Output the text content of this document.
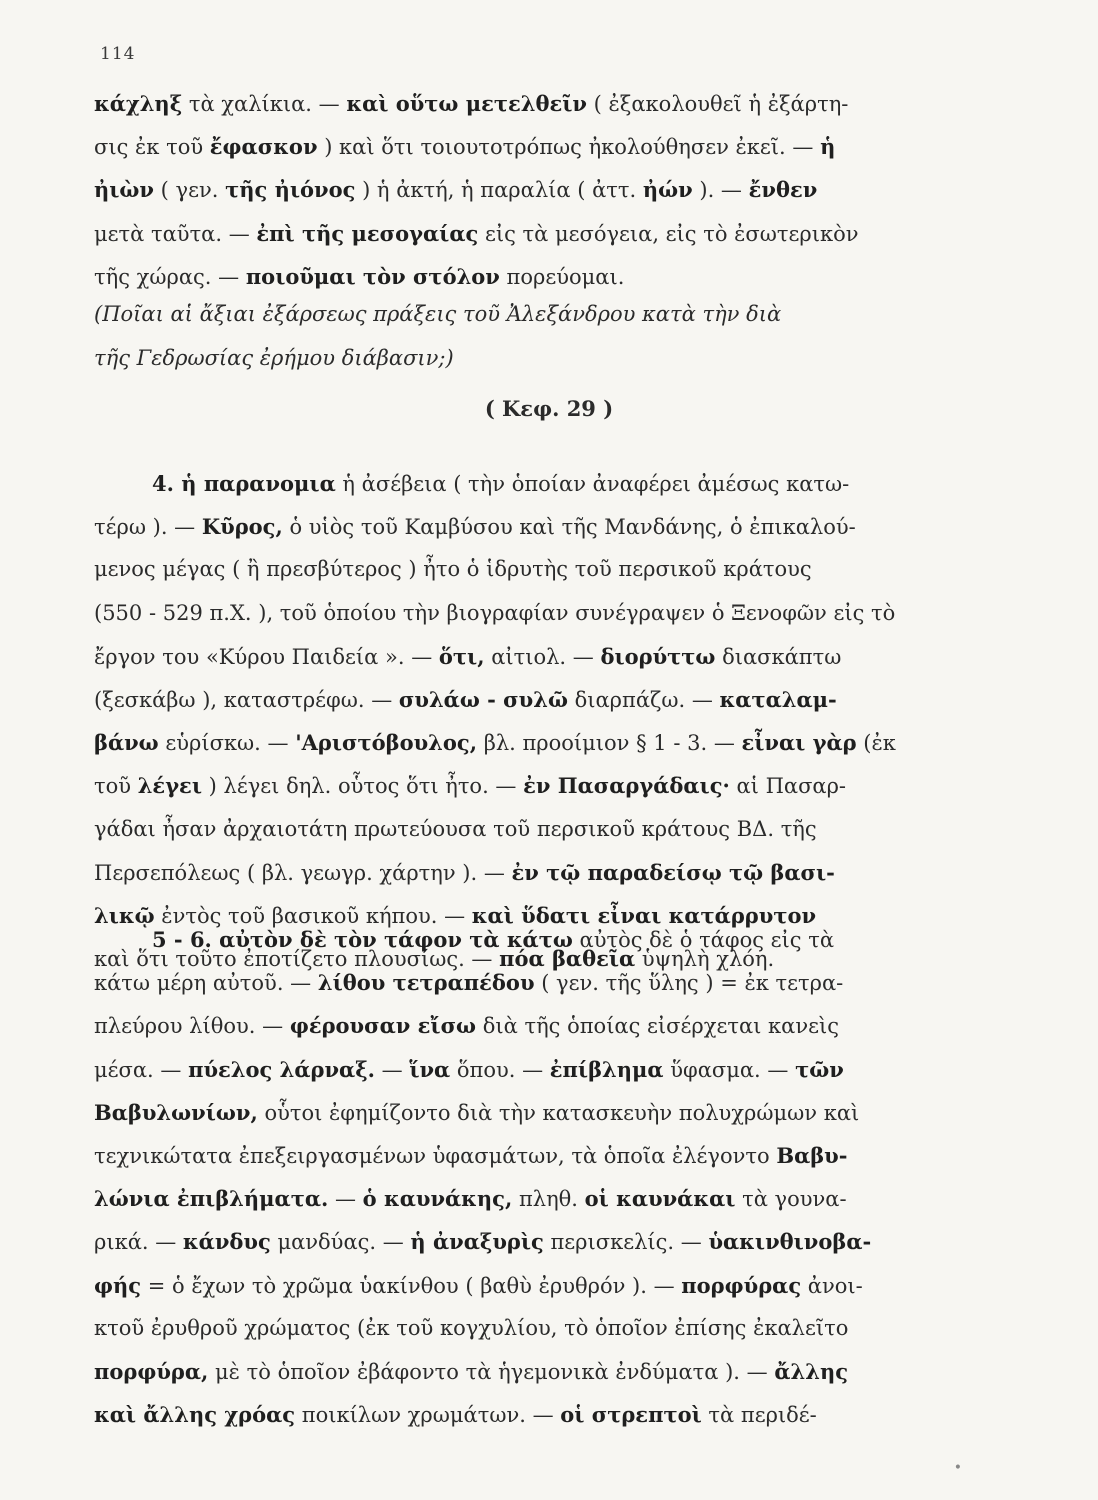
114
κάχληξ τὰ χαλίκια. — καὶ οὕτω μετελθεῖν ( ἐξακολουθεῖ ἡ ἐξάρτη-
σις ἐκ τοῦ ἔφασκον ) καὶ ὅτι τοιουτοτρόπως ἠκολούθησεν ἐκεῖ. — ἡ
ἠιὼν ( γεν. τῆς ἠιόνος ) ἡ ἀκτή, ἡ παραλία ( ἀττ. ἠών ). — ἔνθεν
μετὰ ταῦτα. — ἐπὶ τῆς μεσογαίας εἰς τὰ μεσόγεια, εἰς τὸ ἐσωτερικὸν
τῆς χώρας. — ποιοῦμαι τὸν στόλον πορεύομαι.
(Ποῖαι αἱ ἄξιαι ἐξάρσεως πράξεις τοῦ Ἀλεξάνδρου κατὰ τὴν διὰ
τῆς Γεδρωσίας ἐρήμου διάβασιν;)
( Κεφ. 29 )
4. ἡ παρανομια ἡ ἀσέβεια ( τὴν ὁποίαν ἀναφέρει ἀμέσως κατω-
τέρω ). — Κῦρος, ὁ υἱὸς τοῦ Καμβύσου καὶ τῆς Μανδάνης, ὁ ἐπικαλού-
μενος μέγας ( ἢ πρεσβύτερος ) ἦτο ὁ ἱδρυτὴς τοῦ περσικοῦ κράτους
(550 - 529 π.Χ. ), τοῦ ὁποίου τὴν βιογραφίαν συνέγραψεν ὁ Ξενοφῶν εἰς τὸ
ἔργον του «Κύρου Παιδεία ». — ὅτι, αἰτιολ. — διορύττω διασκάπτω
(ξεσκάβω ), καταστρέφω. — συλάω - συλῶ διαρπάζω. — καταλαμ-
βάνω εὑρίσκω. — 'Αριστόβουλος, βλ. προοίμιον § 1 - 3. — εἶναι γὰρ (ἐκ
τοῦ λέγει ) λέγει δηλ. οὗτος ὅτι ἦτο. — ἐν Πασαργάδαις· αἱ Πασαρ-
γάδαι ἦσαν ἀρχαιοτάτη πρωτεύουσα τοῦ περσικοῦ κράτους ΒΔ. τῆς
Περσεπόλεως ( βλ. γεωγρ. χάρτην ). — ἐν τῷ παραδείσῳ τῷ βασι-
λικῷ ἐντὸς τοῦ βασικοῦ κήπου. — καὶ ὕδατι εἶναι κατάρρυτον
καὶ ὅτι τοῦτο ἐποτίζετο πλουσίως. — πόα βαθεῖα ὑψηλὴ χλόη.
5 - 6. αὐτὸν δὲ τὸν τάφον τὰ κάτω αὐτὸς δὲ ὁ τάφος εἰς τὰ
κάτω μέρη αὐτοῦ. — λίθου τετραπέδου ( γεν. τῆς ὕλης ) = ἐκ τετρα-
πλεύρου λίθου. — φέρουσαν εἴσω διὰ τῆς ὁποίας εἰσέρχεται κανεὶς
μέσα. — πύελος λάρναξ. — ἵνα ὅπου. — ἐπίβλημα ὕφασμα. — τῶν
Βαβυλωνίων, οὗτοι ἐφημίζοντο διὰ τὴν κατασκευὴν πολυχρώμων καὶ
τεχνικώτατα ἐπεξειργασμένων ὑφασμάτων, τὰ ὁποῖα ἐλέγοντο Βαβυ-
λώνια ἐπιβλήματα. — ὁ καυνάκης, πληθ. οἱ καυνάκαι τὰ γουνα-
ρικά. — κάνδυς μανδύας. — ἡ ἀναξυρὶς περισκελίς. — ὑακινθινοβα-
φής = ὁ ἔχων τὸ χρῶμα ὑακίνθου ( βαθὺ ἐρυθρόν ). — πορφύρας ἀνοι-
κτοῦ ἐρυθροῦ χρώματος (ἐκ τοῦ κογχυλίου, τὸ ὁποῖον ἐπίσης ἐκαλεῖτο
πορφύρα, μὲ τὸ ὁποῖον ἐβάφοντο τὰ ἡγεμονικὰ ἐνδύματα ). — ἄλλης
καὶ ἄλλης χρόας ποικίλων χρωμάτων. — οἱ στρεπτοὶ τὰ περιδέ-
•
